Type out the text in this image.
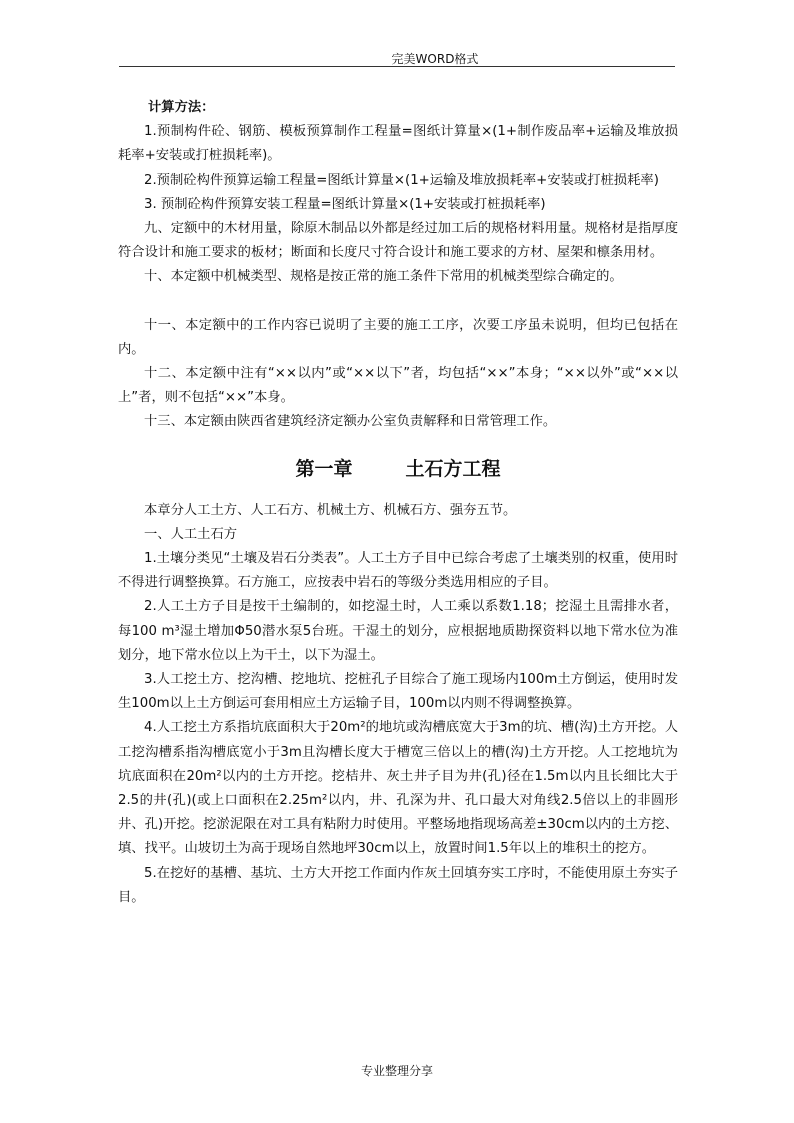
完美WORD格式

计算方法：

1.预制构件砼、钢筋、模板预算制作工程量=图纸计算量×(1+制作废品率+运输及堆放损耗率+安装或打桩损耗率)。

2.预制砼构件预算运输工程量=图纸计算量×(1+运输及堆放损耗率+安装或打桩损耗率)

3. 预制砼构件预算安装工程量=图纸计算量×(1+安装或打桩损耗率)

九、定额中的木材用量，除原木制品以外都是经过加工后的规格材料用量。规格材是指厚度符合设计和施工要求的板材；断面和长度尺寸符合设计和施工要求的方材、屋架和檩条用材。

十、本定额中机械类型、规格是按正常的施工条件下常用的机械类型综合确定的。

十一、本定额中的工作内容已说明了主要的施工工序，次要工序虽未说明，但均已包括在内。

十二、本定额中注有“××以内”或“××以下”者，均包括“××”本身；“××以外”或“××以上”者，则不包括“××”本身。

十三、本定额由陕西省建筑经济定额办公室负责解释和日常管理工作。

第一章        土石方工程

本章分人工土方、人工石方、机械土方、机械石方、强夯五节。

一、人工土石方

1.土壤分类见“土壤及岩石分类表”。人工土方子目中已综合考虑了土壤类别的权重，使用时不得进行调整换算。石方施工，应按表中岩石的等级分类选用相应的子目。

2.人工土方子目是按干土编制的，如挖湿土时，人工乘以系数1.18；挖湿土且需排水者，每100 m³湿土增加Φ50潜水泵5台班。干湿土的划分，应根据地质勘探资料以地下常水位为准划分，地下常水位以上为干土，以下为湿土。

3.人工挖土方、挖沟槽、挖地坑、挖桩孔子目综合了施工现场内100m土方倒运，使用时发生100m以上土方倒运可套用相应土方运输子目，100m以内则不得调整换算。

4.人工挖土方系指坑底面积大于20m²的地坑或沟槽底宽大于3m的坑、槽(沟)土方开挖。人工挖沟槽系指沟槽底宽小于3m且沟槽长度大于槽宽三倍以上的槽(沟)土方开挖。人工挖地坑为坑底面积在20m²以内的土方开挖。挖桔井、灰土井子目为井(孔)径在1.5m以内且长细比大于2.5的井(孔)(或上口面积在2.25m²以内，井、孔深为井、孔口最大对角线2.5倍以上的非圆形井、孔)开挖。挖淤泥限在对工具有粘附力时使用。平整场地指现场高差±30cm以内的土方挖、填、找平。山坡切土为高于现场自然地坪30cm以上，放置时间1.5年以上的堆积土的挖方。

5.在挖好的基槽、基坑、土方大开挖工作面内作灰土回填夯实工序时，不能使用原土夯实子目。

专业整理分享
